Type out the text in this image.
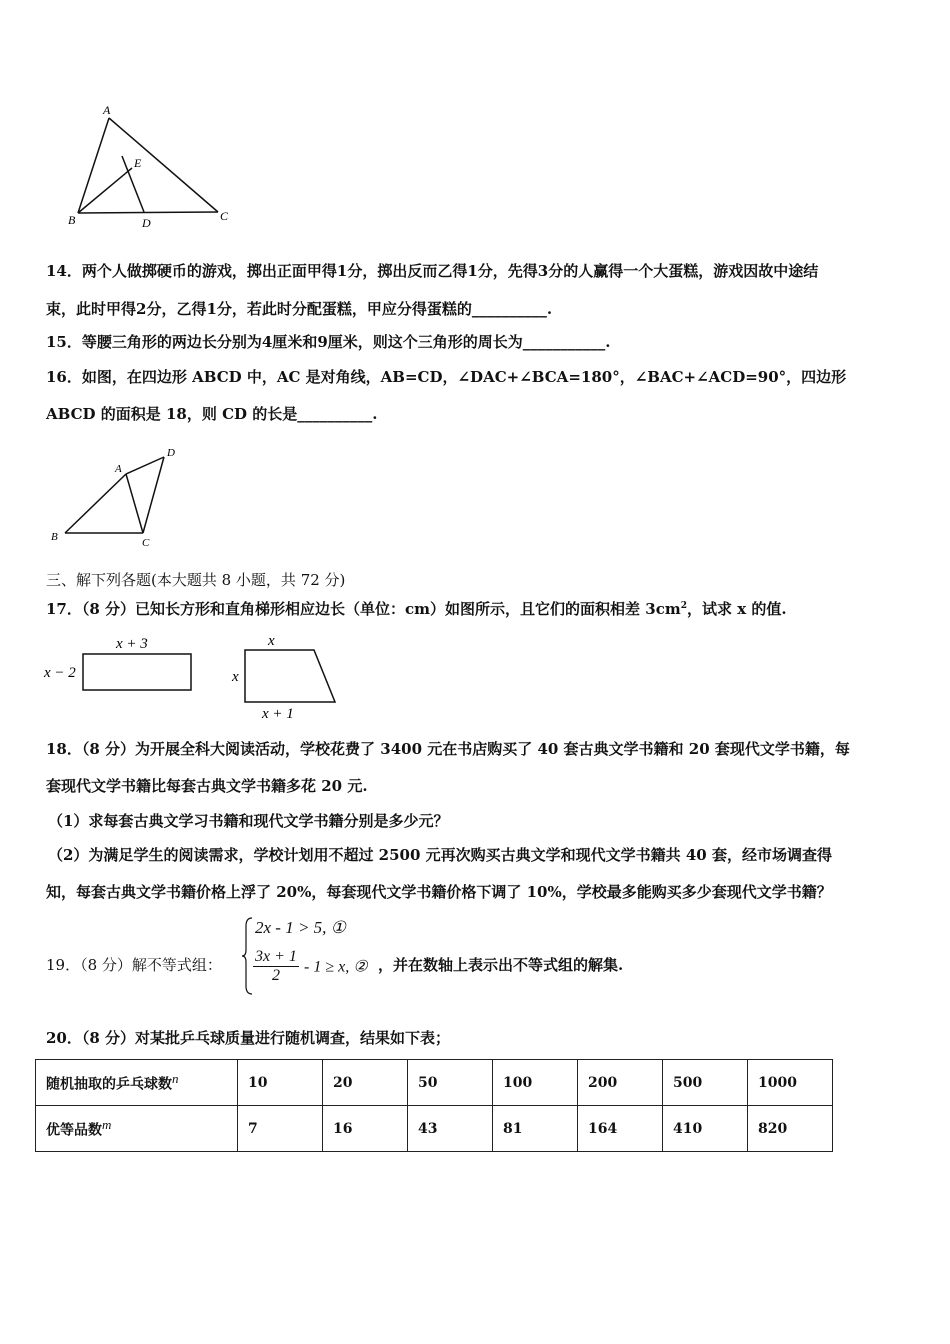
A
E
B	D	C
14．两个人做掷硬币的游戏，掷出正面甲得1分，掷出反而乙得1分，先得3分的人赢得一个大蛋糕，游戏因故中途结
束，此时甲得2分，乙得1分，若此时分配蛋糕，甲应分得蛋糕的__________.
15．等腰三角形的两边长分别为4厘米和9厘米，则这个三角形的周长为___________.
16．如图，在四边形 ABCD 中，AC 是对角线，AB=CD，∠DAC+∠BCA=180°，∠BAC+∠ACD=90°，四边形
ABCD 的面积是 18，则 CD 的长是__________.
A
D
B	C
三、解下列各题(本大题共 8 小题，共 72 分)
17．（8 分）已知长方形和直角梯形相应边长（单位：cm）如图所示，且它们的面积相差 $3cm^2$，试求 x 的值.
x + 3
x − 2
x
x
x + 1
18．（8 分）为开展全科大阅读活动，学校花费了 3400 元在书店购买了 40 套古典文学书籍和 20 套现代文学书籍，每
套现代文学书籍比每套古典文学书籍多花 20 元.
（1）求每套古典文学习书籍和现代文学书籍分别是多少元？
（2）为满足学生的阅读需求，学校计划用不超过 2500 元再次购买古典文学和现代文学书籍共 40 套，经市场调查得
知，每套古典文学书籍价格上浮了 20%，每套现代文学书籍价格下调了 10%，学校最多能购买多少套现代文学书籍？
19．（8 分）解不等式组：
2x - 1 > 5, ①
$\frac{3x + 1}{2} - 1 \ge x$, ② ，并在数轴上表示出不等式组的解集.
20．（8 分）对某批乒乓球质量进行随机调查，结果如下表；
随机抽取的乒乓球数$^n$	10	20	50	100	200	500	1000
优等品数$^m$	7	16	43	81	164	410	820
